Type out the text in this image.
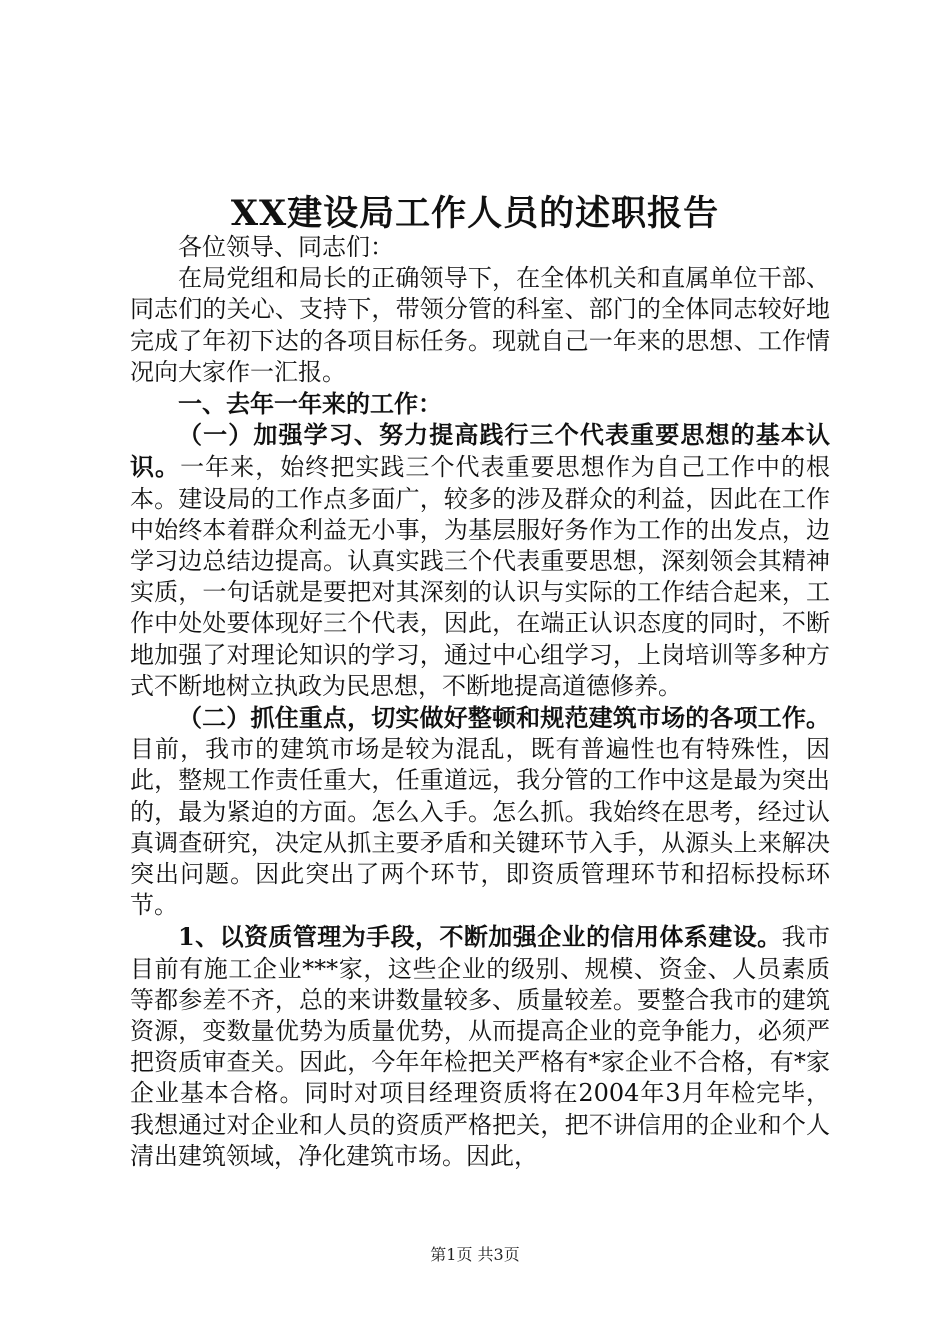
XX建设局工作人员的述职报告

各位领导、同志们：

在局党组和局长的正确领导下，在全体机关和直属单位干部、同志们的关心、支持下，带领分管的科室、部门的全体同志较好地完成了年初下达的各项目标任务。现就自己一年来的思想、工作情况向大家作一汇报。

一、去年一年来的工作：

（一）加强学习、努力提高践行三个代表重要思想的基本认识。一年来，始终把实践三个代表重要思想作为自己工作中的根本。建设局的工作点多面广，较多的涉及群众的利益，因此在工作中始终本着群众利益无小事，为基层服好务作为工作的出发点，边学习边总结边提高。认真实践三个代表重要思想，深刻领会其精神实质，一句话就是要把对其深刻的认识与实际的工作结合起来，工作中处处要体现好三个代表，因此，在端正认识态度的同时，不断地加强了对理论知识的学习，通过中心组学习，上岗培训等多种方式不断地树立执政为民思想，不断地提高道德修养。

（二）抓住重点，切实做好整顿和规范建筑市场的各项工作。目前，我市的建筑市场是较为混乱，既有普遍性也有特殊性，因此，整规工作责任重大，任重道远，我分管的工作中这是最为突出的，最为紧迫的方面。怎么入手。怎么抓。我始终在思考，经过认真调查研究，决定从抓主要矛盾和关键环节入手，从源头上来解决突出问题。因此突出了两个环节，即资质管理环节和招标投标环节。

1、以资质管理为手段，不断加强企业的信用体系建设。我市目前有施工企业***家，这些企业的级别、规模、资金、人员素质等都参差不齐，总的来讲数量较多、质量较差。要整合我市的建筑资源，变数量优势为质量优势，从而提高企业的竞争能力，必须严把资质审查关。因此，今年年检把关严格有*家企业不合格，有*家企业基本合格。同时对项目经理资质将在2004年3月年检完毕，我想通过对企业和人员的资质严格把关，把不讲信用的企业和个人清出建筑领域，净化建筑市场。因此，

第1页 共3页
